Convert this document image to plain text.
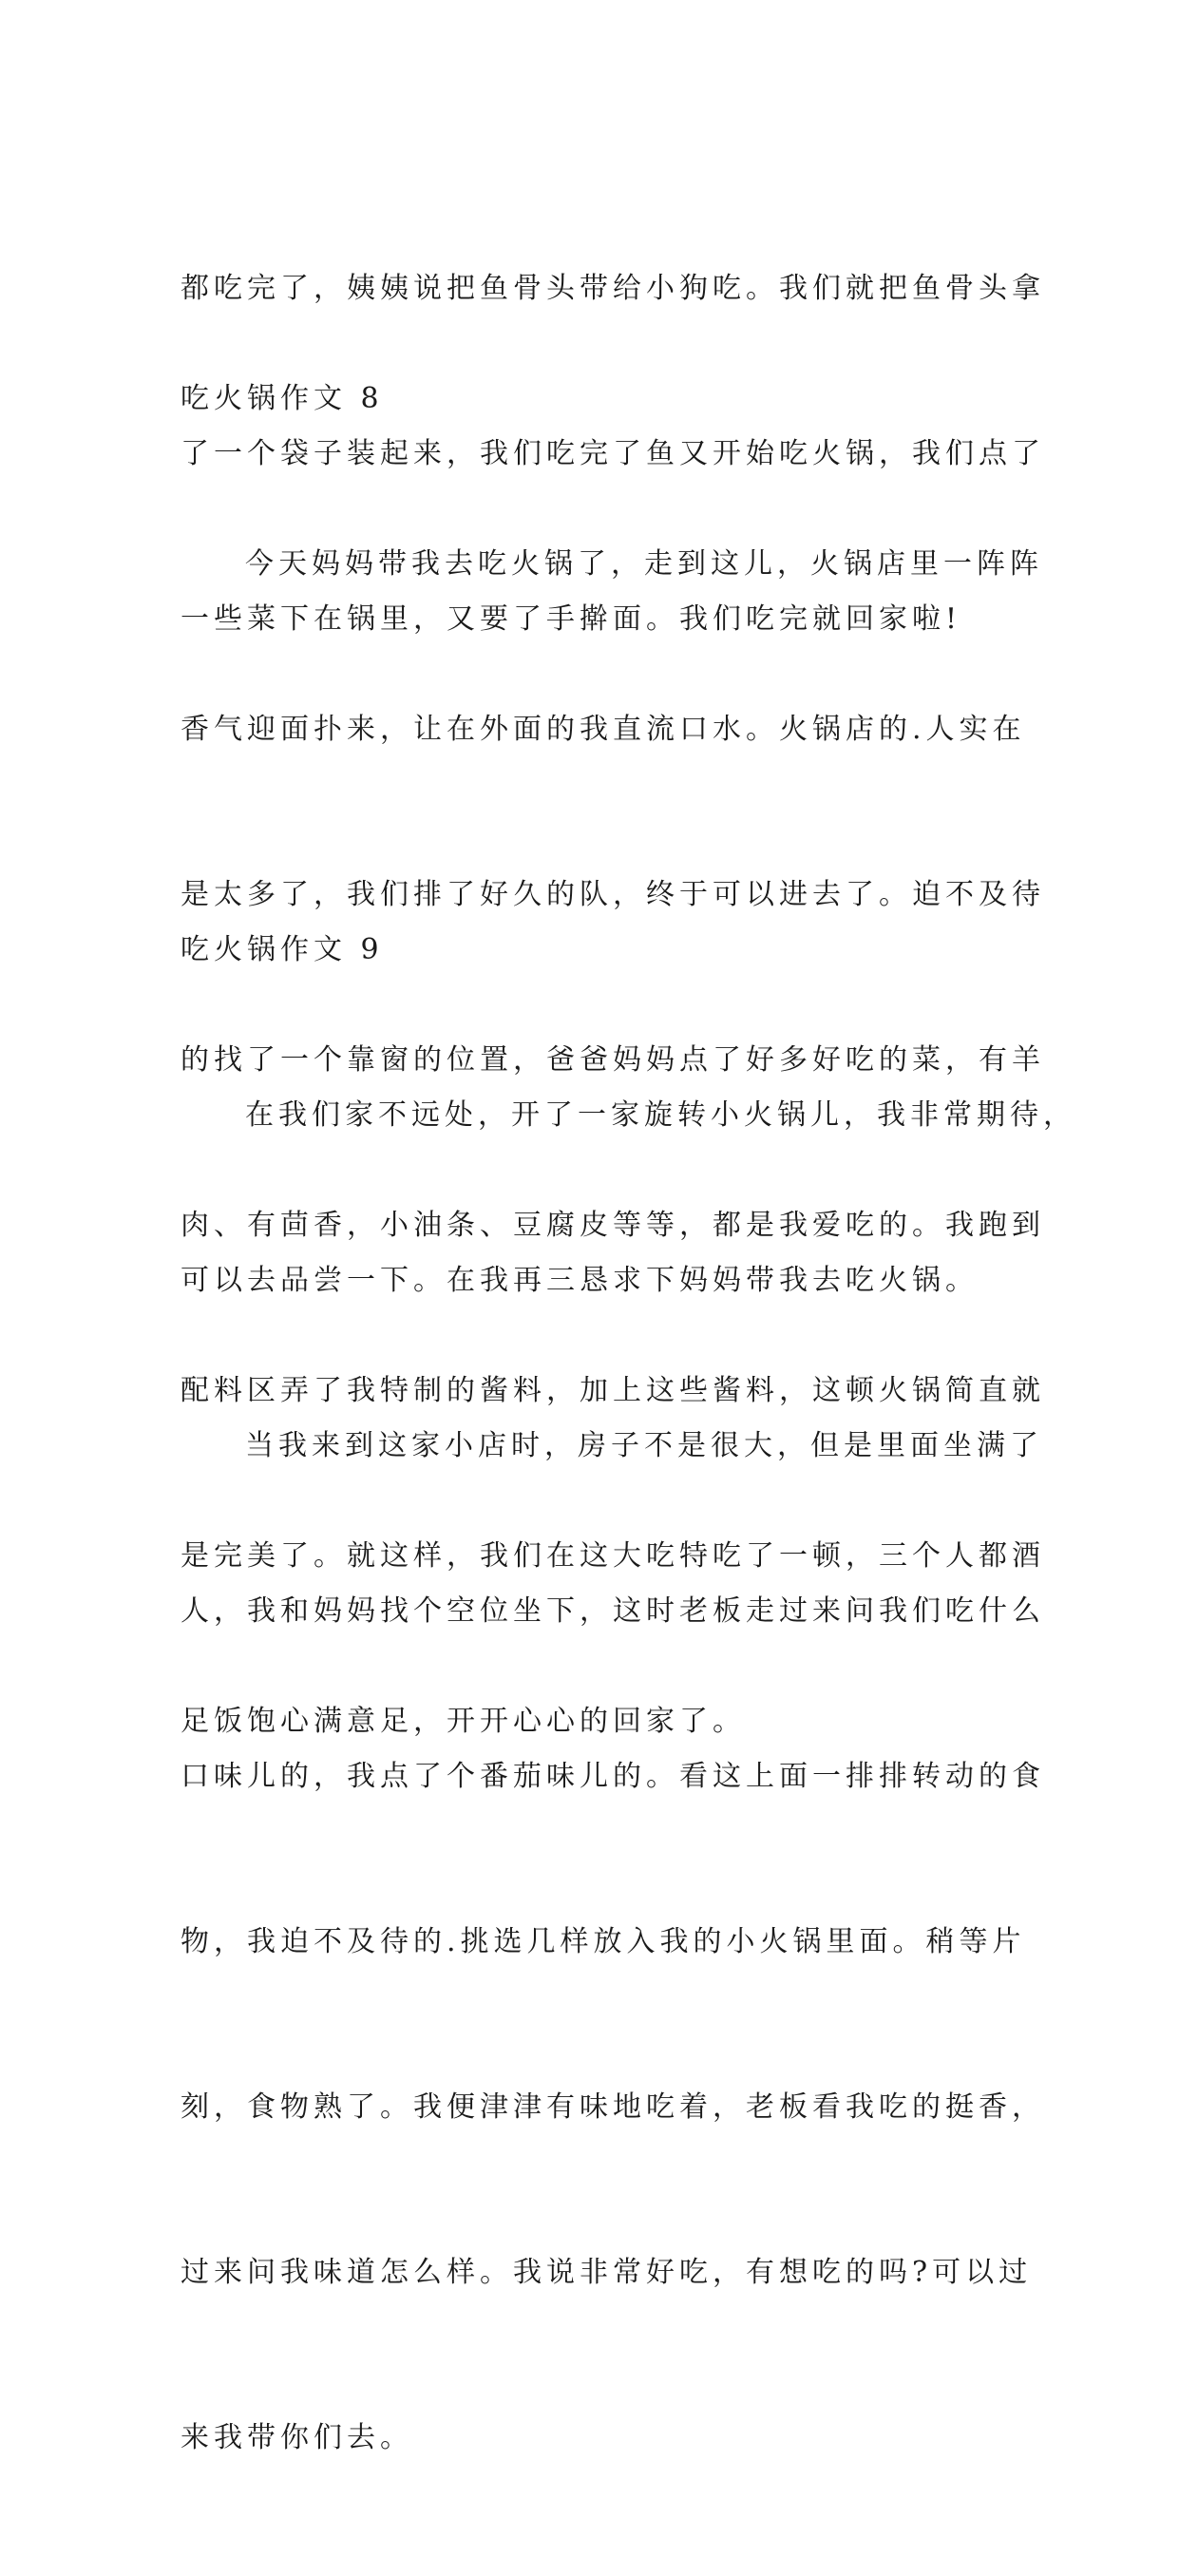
都吃完了，姨姨说把鱼骨头带给小狗吃。我们就把鱼骨头拿

了一个袋子装起来，我们吃完了鱼又开始吃火锅，我们点了

一些菜下在锅里，又要了手擀面。我们吃完就回家啦!

吃火锅作文 8

今天妈妈带我去吃火锅了，走到这儿，火锅店里一阵阵

香气迎面扑来，让在外面的我直流口水。火锅店的.人实在

是太多了，我们排了好久的队，终于可以进去了。迫不及待

的找了一个靠窗的位置，爸爸妈妈点了好多好吃的菜，有羊

肉、有茴香，小油条、豆腐皮等等，都是我爱吃的。我跑到

配料区弄了我特制的酱料，加上这些酱料，这顿火锅简直就

是完美了。就这样，我们在这大吃特吃了一顿，三个人都酒

足饭饱心满意足，开开心心的回家了。

吃火锅作文 9

在我们家不远处，开了一家旋转小火锅儿，我非常期待，

可以去品尝一下。在我再三恳求下妈妈带我去吃火锅。

当我来到这家小店时，房子不是很大，但是里面坐满了

人，我和妈妈找个空位坐下，这时老板走过来问我们吃什么

口味儿的，我点了个番茄味儿的。看这上面一排排转动的食

物，我迫不及待的.挑选几样放入我的小火锅里面。稍等片

刻，食物熟了。我便津津有味地吃着，老板看我吃的挺香，

过来问我味道怎么样。我说非常好吃，有想吃的吗?可以过

来我带你们去。
